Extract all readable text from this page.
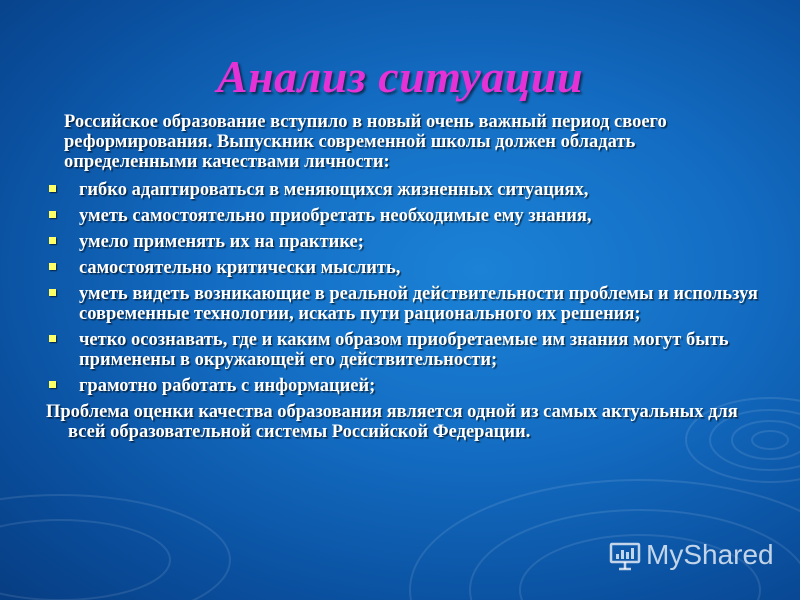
Анализ ситуации

Российское образование вступило в новый очень важный период своего реформирования. Выпускник современной школы должен обладать определенными качествами личности:

гибко адаптироваться в меняющихся жизненных ситуациях,
уметь самостоятельно приобретать необходимые ему знания,
умело применять их на практике;
самостоятельно критически мыслить,
уметь видеть возникающие в реальной действительности проблемы и используя современные технологии, искать пути рационального их решения;
четко осознавать, где и каким образом приобретаемые им знания могут быть применены в окружающей его действительности;
грамотно работать с информацией;

Проблема оценки качества образования является одной из самых актуальных для всей образовательной системы Российской Федерации.

MyShared
